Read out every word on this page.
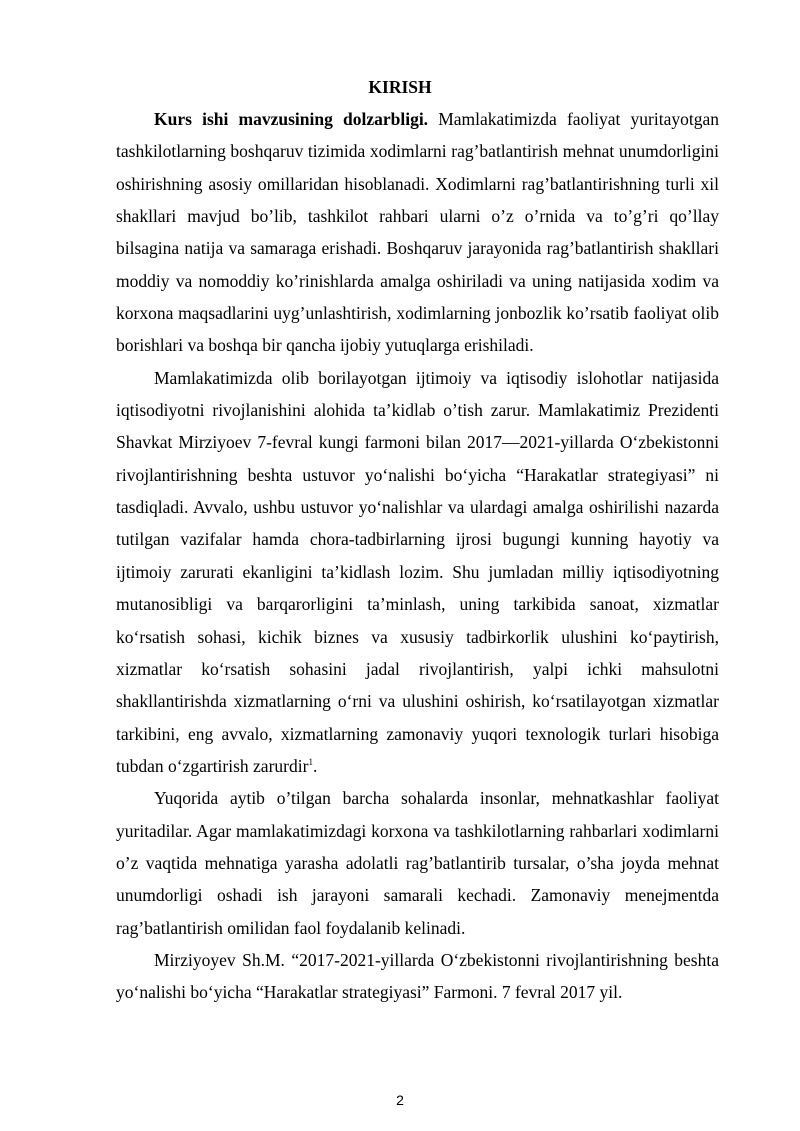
KIRISH

Kurs ishi mavzusining dolzarbligi. Mamlakatimizda faoliyat yuritayotgan tashkilotlarning boshqaruv tizimida xodimlarni rag’batlantirish mehnat unumdorligini oshirishning asosiy omillaridan hisoblanadi. Xodimlarni rag’batlantirishning turli xil shakllari mavjud bo’lib, tashkilot rahbari ularni o’z o’rnida va to’g’ri qo’llay bilsagina natija va samaraga erishadi. Boshqaruv jarayonida rag’batlantirish shakllari moddiy va nomoddiy ko’rinishlarda amalga oshiriladi va uning natijasida xodim va korxona maqsadlarini uyg’unlashtirish, xodimlarning jonbozlik ko’rsatib faoliyat olib borishlari va boshqa bir qancha ijobiy yutuqlarga erishiladi.

Mamlakatimizda olib borilayotgan ijtimoiy va iqtisodiy islohotlar natijasida iqtisodiyotni rivojlanishini alohida ta’kidlab o’tish zarur. Mamlakatimiz Prezidenti Shavkat Mirziyoev 7-fevral kungi farmoni bilan 2017—2021-yillarda O‘zbekistonni rivojlantirishning beshta ustuvor yo‘nalishi bo‘yicha “Harakatlar strategiyasi” ni tasdiqladi. Avvalo, ushbu ustuvor yo‘nalishlar va ulardagi amalga oshirilishi nazarda tutilgan vazifalar hamda chora-tadbirlarning ijrosi bugungi kunning hayotiy va ijtimoiy zarurati ekanligini ta’kidlash lozim. Shu jumladan milliy iqtisodiyotning mutanosibligi va barqarorligini ta’minlash, uning tarkibida sanoat, xizmatlar ko‘rsatish sohasi, kichik biznes va xususiy tadbirkorlik ulushini ko‘paytirish, xizmatlar ko‘rsatish sohasini jadal rivojlantirish, yalpi ichki mahsulotni shakllantirishda xizmatlarning o‘rni va ulushini oshirish, ko‘rsatilayotgan xizmatlar tarkibini, eng avvalo, xizmatlarning zamonaviy yuqori texnologik turlari hisobiga tubdan o‘zgartirish zarurdir$^1$.

Yuqorida aytib o’tilgan barcha sohalarda insonlar, mehnatkashlar faoliyat yuritadilar. Agar mamlakatimizdagi korxona va tashkilotlarning rahbarlari xodimlarni o’z vaqtida mehnatiga yarasha adolatli rag’batlantirib tursalar, o’sha joyda mehnat unumdorligi oshadi ish jarayoni samarali kechadi. Zamonaviy menejmentda rag’batlantirish omilidan faol foydalanib kelinadi.

Mirziyoyev Sh.M. “2017-2021-yillarda O‘zbekistonni rivojlantirishning beshta yo‘nalishi bo‘yicha “Harakatlar strategiyasi” Farmoni. 7 fevral 2017 yil.

2
